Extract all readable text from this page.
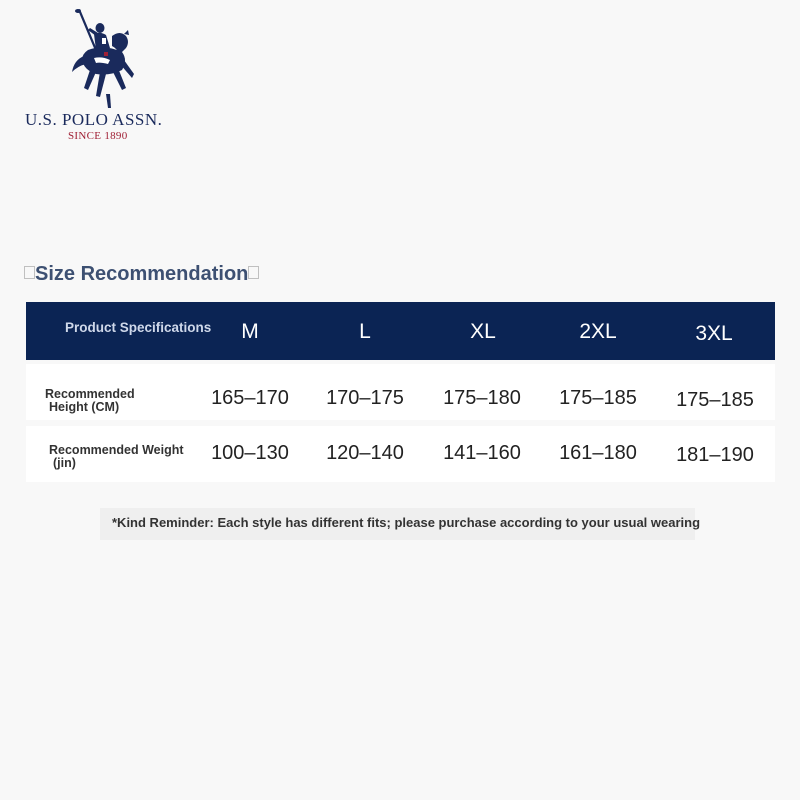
U.S. POLO ASSN.
SINCE 1890
Size Recommendation
Product Specifications	M	L	XL	2XL	3XL
Recommended
Height (CM)	165–170	170–175	175–180	175–185	175–185
Recommended Weight
(jin)	100–130	120–140	141–160	161–180	181–190
*Kind Reminder: Each style has different fits; please purchase according to your usual wearing
